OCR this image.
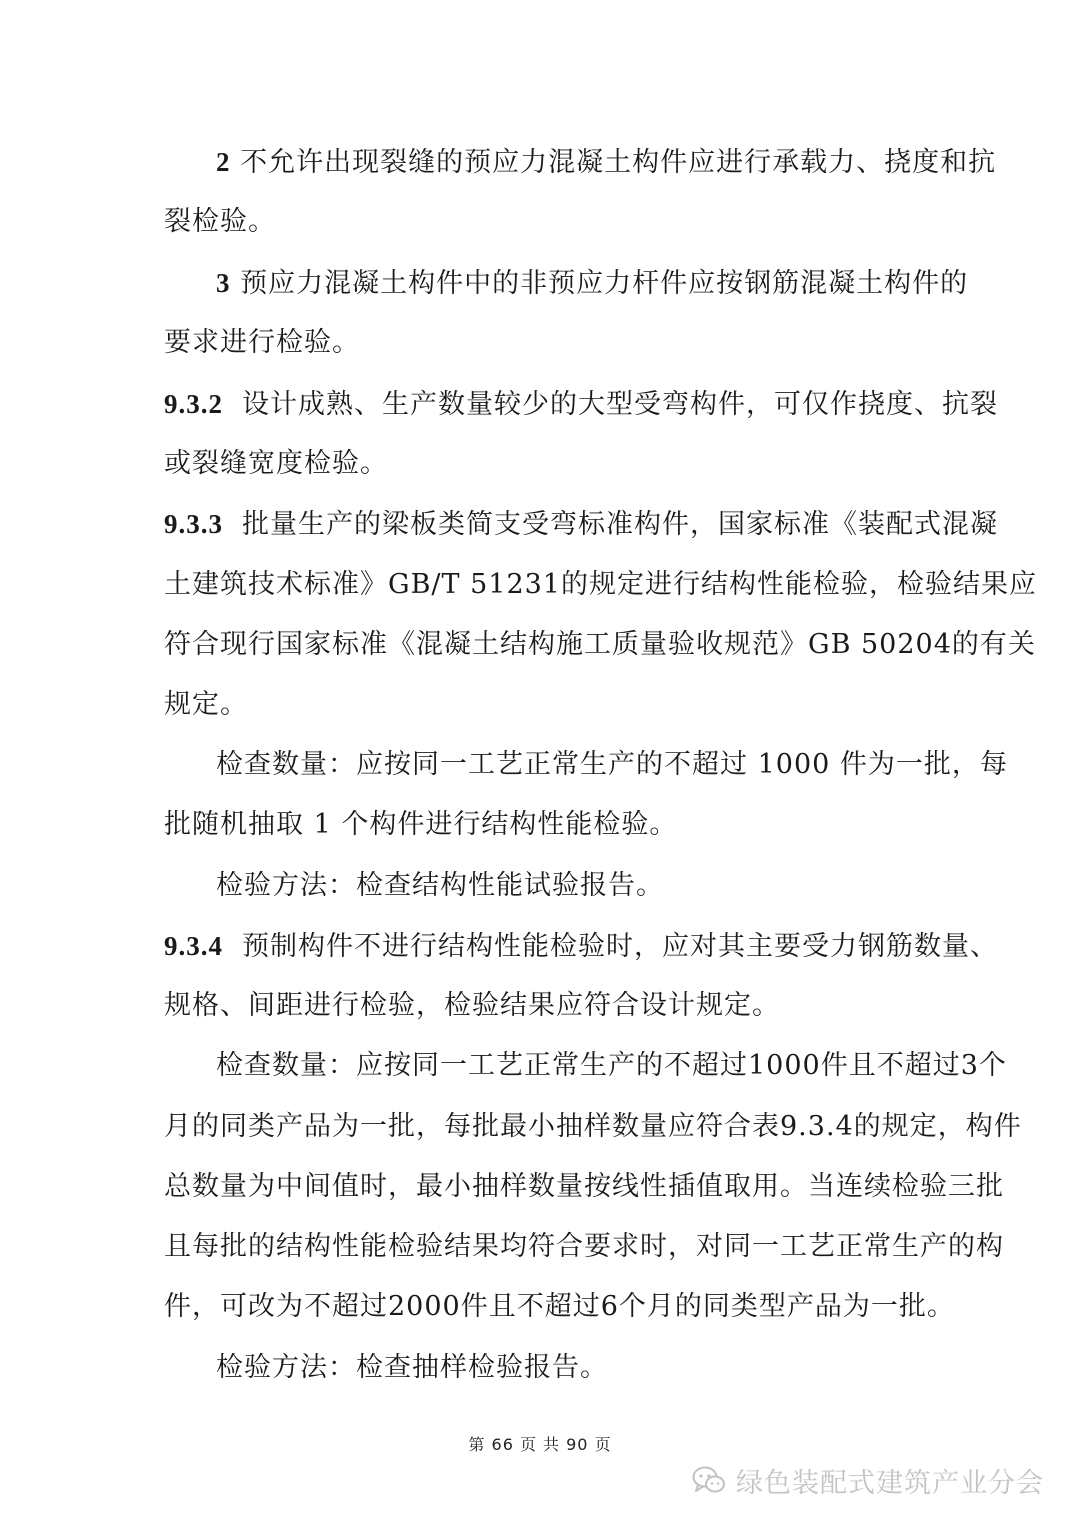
2 不允许出现裂缝的预应力混凝土构件应进行承载力、挠度和抗
裂检验。
3 预应力混凝土构件中的非预应力杆件应按钢筋混凝土构件的
要求进行检验。
9.3.2 设计成熟、生产数量较少的大型受弯构件，可仅作挠度、抗裂
或裂缝宽度检验。
9.3.3 批量生产的梁板类简支受弯标准构件，国家标准《装配式混凝
土建筑技术标准》GB/T 51231的规定进行结构性能检验，检验结果应
符合现行国家标准《混凝土结构施工质量验收规范》GB 50204的有关
规定。
检查数量：应按同一工艺正常生产的不超过 1000 件为一批，每
批随机抽取 1 个构件进行结构性能检验。
检验方法：检查结构性能试验报告。
9.3.4 预制构件不进行结构性能检验时，应对其主要受力钢筋数量、
规格、间距进行检验，检验结果应符合设计规定。
检查数量：应按同一工艺正常生产的不超过1000件且不超过3个
月的同类产品为一批，每批最小抽样数量应符合表9.3.4的规定，构件
总数量为中间值时，最小抽样数量按线性插值取用。当连续检验三批
且每批的结构性能检验结果均符合要求时，对同一工艺正常生产的构
件，可改为不超过2000件且不超过6个月的同类型产品为一批。
检验方法：检查抽样检验报告。
第 66 页 共 90 页
绿色装配式建筑产业分会
